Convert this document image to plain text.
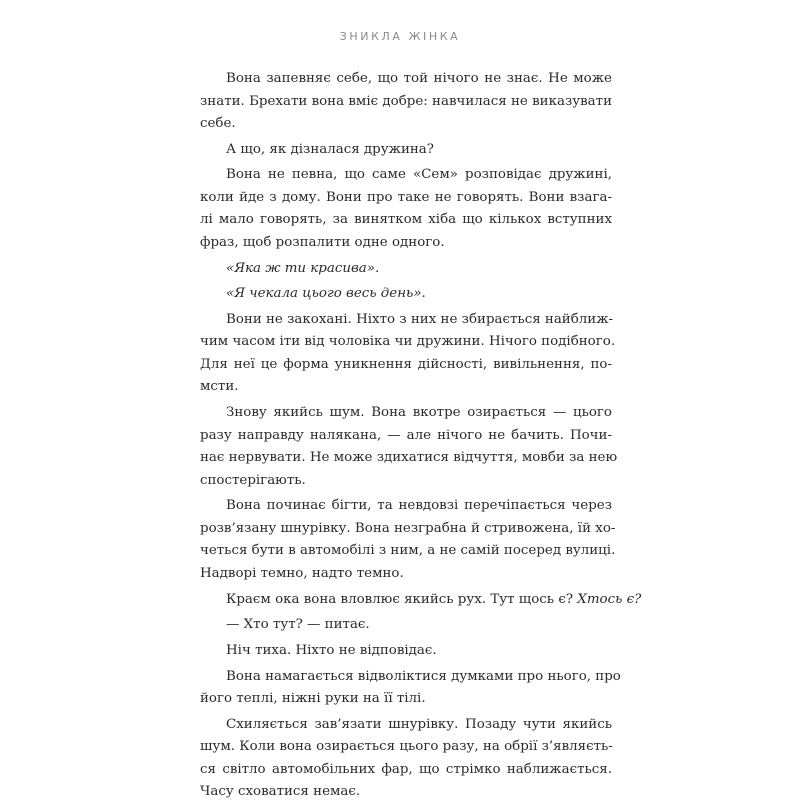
ЗНИКЛА ЖІНКА
Вона запевняє себе, що той нічого не знає. Не може
знати. Брехати вона вміє добре: навчилася не виказувати
себе.
А що, як дізналася дружина?
Вона не певна, що саме «Сем» розповідає дружині,
коли йде з дому. Вони про таке не говорять. Вони взага-
лі мало говорять, за винятком хіба що кількох вступних
фраз, щоб розпалити одне одного.
«Яка ж ти красива».
«Я чекала цього весь день».
Вони не закохані. Ніхто з них не збирається найближ-
чим часом іти від чоловіка чи дружини. Нічого подібного.
Для неї це форма уникнення дійсності, вивільнення, по-
мсти.
Знову якийсь шум. Вона вкотре озирається — цього
разу направду налякана, — але нічого не бачить. Почи-
нає нервувати. Не може здихатися відчуття, мовби за нею
спостерігають.
Вона починає бігти, та невдовзі перечіпається через
розв’язану шнурівку. Вона незграбна й стривожена, їй хо-
четься бути в автомобілі з ним, а не самій посеред вулиці.
Надворі темно, надто темно.
Краєм ока вона вловлює якийсь рух. Тут щось є? Хтось є?
— Хто тут? — питає.
Ніч тиха. Ніхто не відповідає.
Вона намагається відволіктися думками про нього, про
його теплі, ніжні руки на її тілі.
Схиляється зав’язати шнурівку. Позаду чути якийсь
шум. Коли вона озирається цього разу, на обрії з’являєть-
ся світло автомобільних фар, що стрімко наближається.
Часу сховатися немає.
